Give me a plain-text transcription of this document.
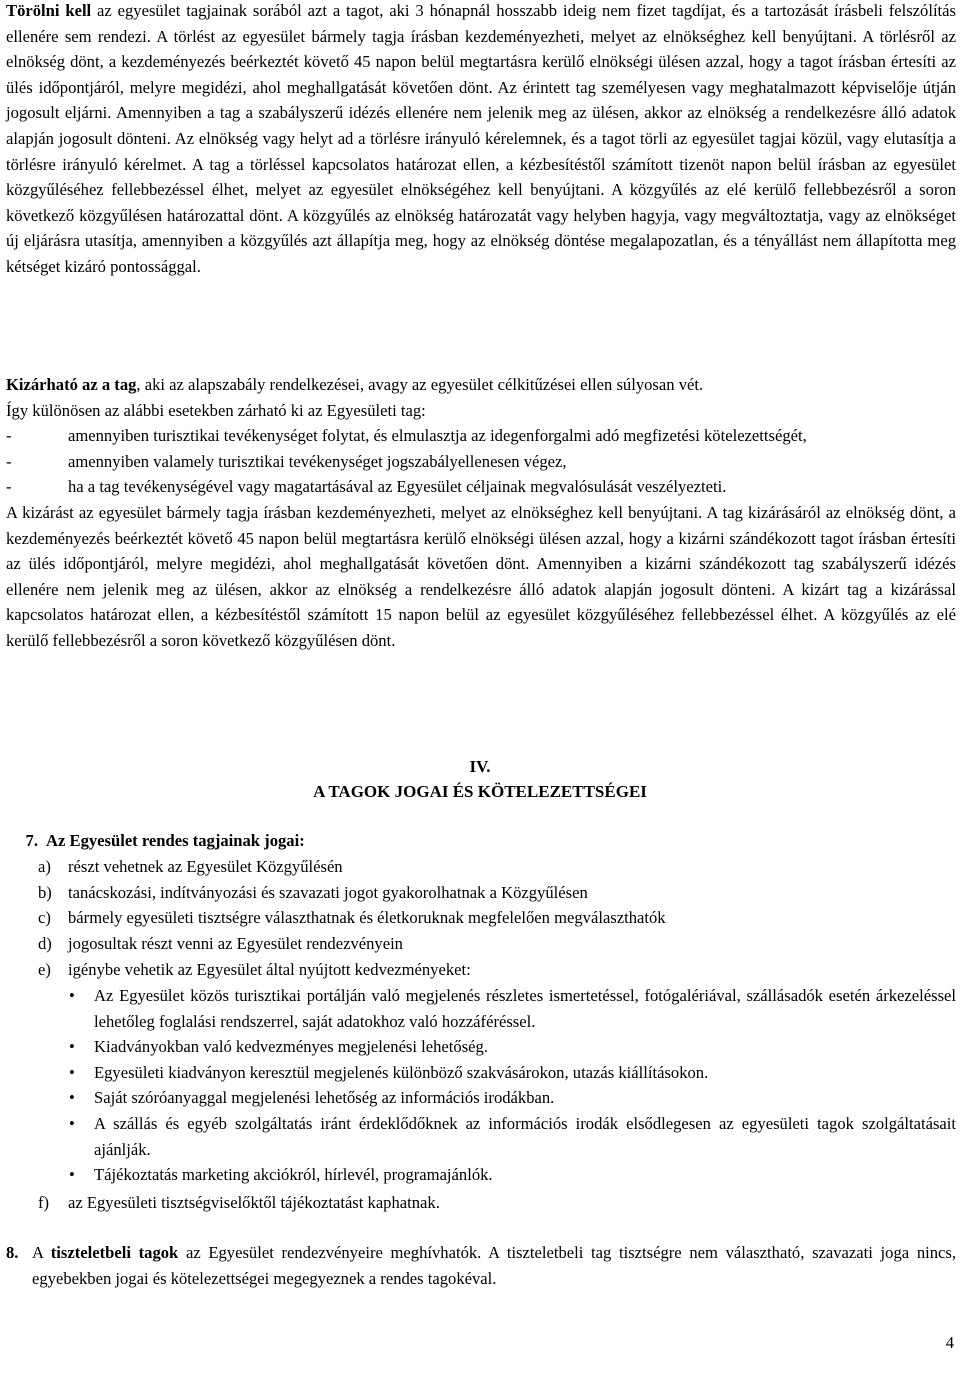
Törölni kell az egyesület tagjainak sorából azt a tagot, aki 3 hónapnál hosszabb ideig nem fizet tagdíjat, és a tartozását írásbeli felszólítás ellenére sem rendezi. A törlést az egyesület bármely tagja írásban kezdeményezheti, melyet az elnökséghez kell benyújtani. A törlésről az elnökség dönt, a kezdeményezés beérkeztét követő 45 napon belül megtartásra kerülő elnökségi ülésen azzal, hogy a tagot írásban értesíti az ülés időpontjáról, melyre megidézi, ahol meghallgatását követően dönt. Az érintett tag személyesen vagy meghatalmazott képviselője útján jogosult eljárni. Amennyiben a tag a szabályszerű idézés ellenére nem jelenik meg az ülésen, akkor az elnökség a rendelkezésre álló adatok alapján jogosult dönteni. Az elnökség vagy helyt ad a törlésre irányuló kérelemnek, és a tagot törli az egyesület tagjai közül, vagy elutasítja a törlésre irányuló kérelmet. A tag a törléssel kapcsolatos határozat ellen, a kézbesítéstől számított tizenöt napon belül írásban az egyesület közgyűléséhez fellebbezéssel élhet, melyet az egyesület elnökségéhez kell benyújtani. A közgyűlés az elé kerülő fellebbezésről a soron következő közgyűlésen határozattal dönt. A közgyűlés az elnökség határozatát vagy helyben hagyja, vagy megváltoztatja, vagy az elnökséget új eljárásra utasítja, amennyiben a közgyűlés azt állapítja meg, hogy az elnökség döntése megalapozatlan, és a tényállást nem állapította meg kétséget kizáró pontossággal.

Kizárható az a tag, aki az alapszabály rendelkezései, avagy az egyesület célkitűzései ellen súlyosan vét.

Így különösen az alábbi esetekben zárható ki az Egyesületi tag:

-	amennyiben turisztikai tevékenységet folytat, és elmulasztja az idegenforgalmi adó megfizetési kötelezettségét,

-	amennyiben valamely turisztikai tevékenységet jogszabályellenesen végez,

-	ha a tag tevékenységével vagy magatartásával az Egyesület céljainak megvalósulását veszélyezteti.

A kizárást az egyesület bármely tagja írásban kezdeményezheti, melyet az elnökséghez kell benyújtani. A tag kizárásáról az elnökség dönt, a kezdeményezés beérkeztét követő 45 napon belül megtartásra kerülő elnökségi ülésen azzal, hogy a kizárni szándékozott tagot írásban értesíti az ülés időpontjáról, melyre megidézi, ahol meghallgatását követően dönt. Amennyiben a kizárni szándékozott tag szabályszerű idézés ellenére nem jelenik meg az ülésen, akkor az elnökség a rendelkezésre álló adatok alapján jogosult dönteni. A kizárt tag a kizárással kapcsolatos határozat ellen, a kézbesítéstől számított 15 napon belül az egyesület közgyűléséhez fellebbezéssel élhet. A közgyűlés az elé kerülő fellebbezésről a soron következő közgyűlésen dönt.

IV.
A TAGOK JOGAI ÉS KÖTELEZETTSÉGEI
7. Az Egyesület rendes tagjainak jogai:
a) részt vehetnek az Egyesület Közgyűlésén
b) tanácskozási, indítványozási és szavazati jogot gyakorolhatnak a Közgyűlésen
c) bármely egyesületi tisztségre választhatnak és életkoruknak megfelelően megválaszthatók
d) jogosultak részt venni az Egyesület rendezvényein
e) igénybe vehetik az Egyesület által nyújtott kedvezményeket:

• Az Egyesület közös turisztikai portálján való megjelenés részletes ismertetéssel, fotógalériával, szállásadók esetén árkezeléssel lehetőleg foglalási rendszerrel, saját adatokhoz való hozzáféréssel.

• Kiadványokban való kedvezményes megjelenési lehetőség.

• Egyesületi kiadványon keresztül megjelenés különböző szakvásárokon, utazás kiállításokon.

• Saját szóróanyaggal megjelenési lehetőség az információs irodákban.

• A szállás és egyéb szolgáltatás iránt érdeklődőknek az információs irodák elsődlegesen az egyesületi tagok szolgáltatásait ajánlják.

• Tájékoztatás marketing akciókról, hírlevél, programajánlók.

f) az Egyesületi tisztségviselőktől tájékoztatást kaphatnak.

8. A tiszteletbeli tagok az Egyesület rendezvényeire meghívhatók. A tiszteletbeli tag tisztségre nem választható, szavazati joga nincs, egyebekben jogai és kötelezettségei megegyeznek a rendes tagokéval.

4
